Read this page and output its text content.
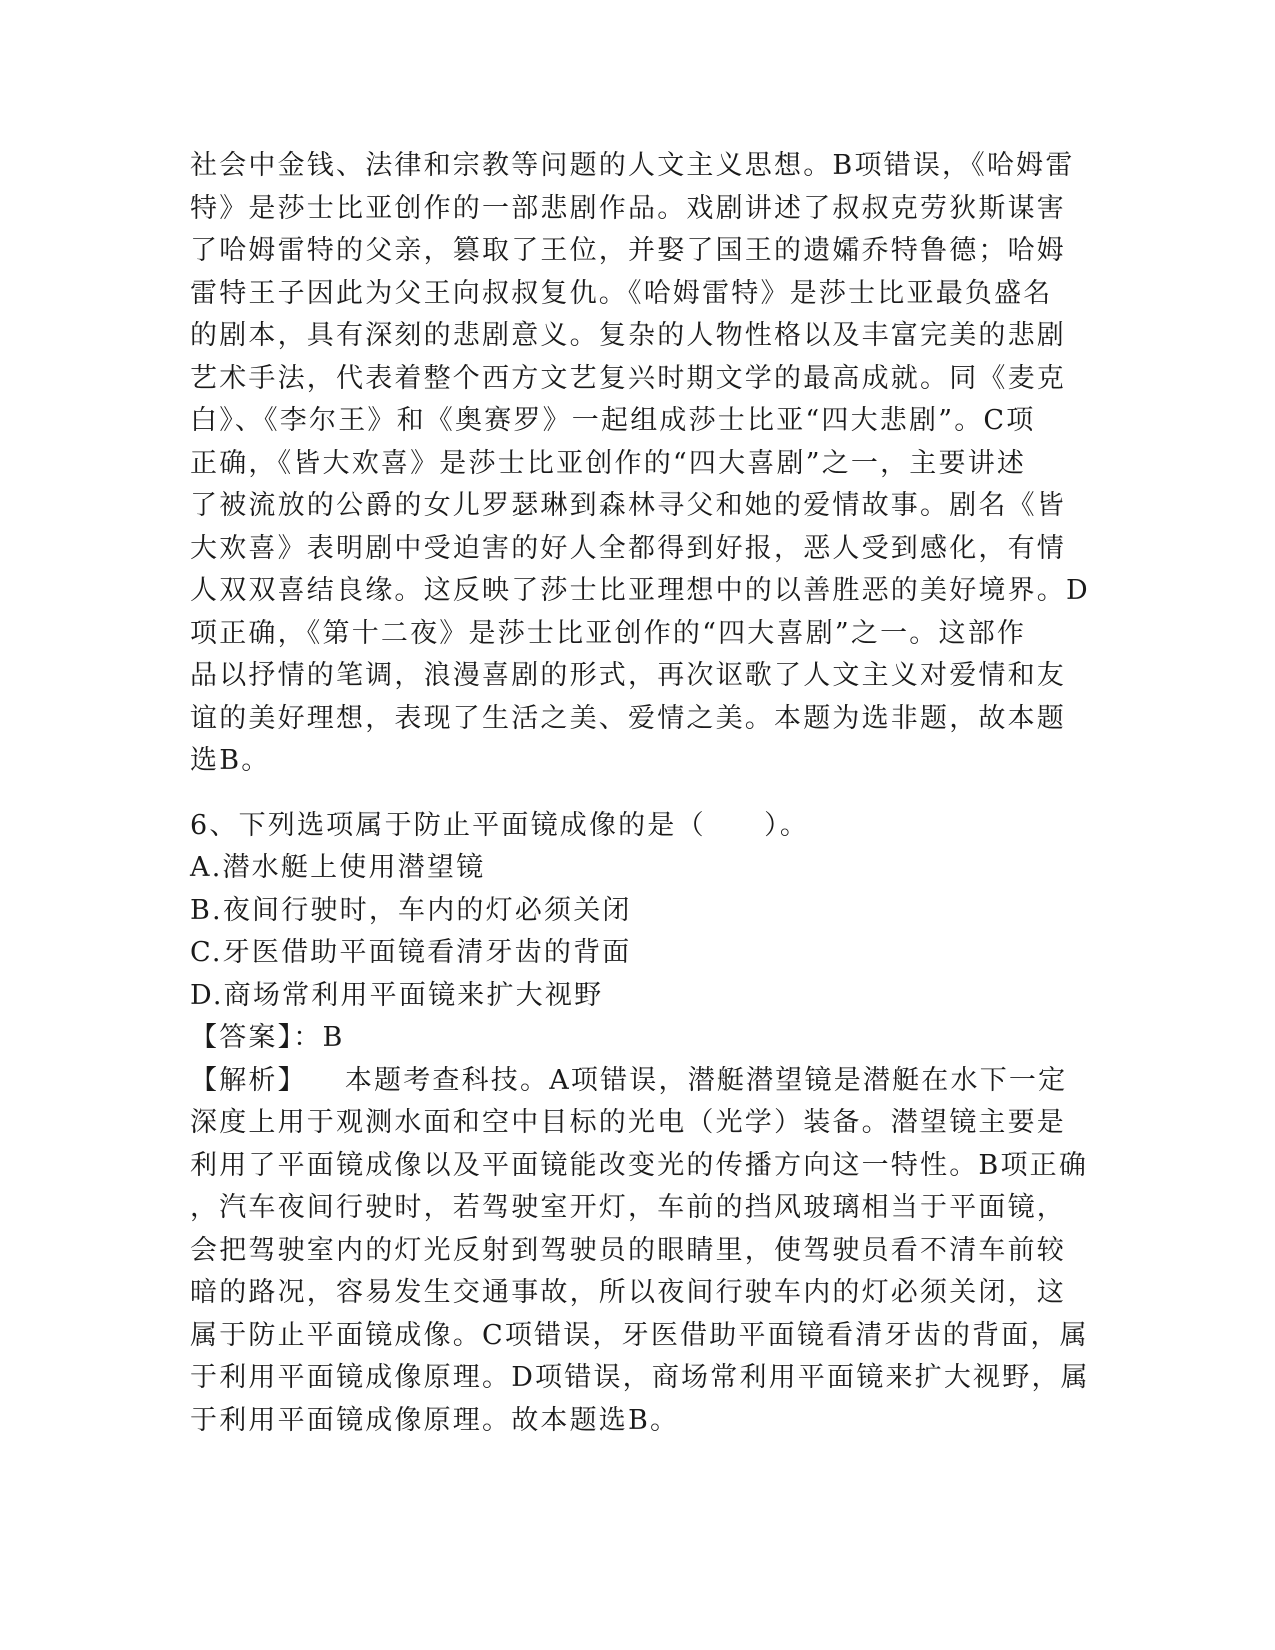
社会中金钱、法律和宗教等问题的人文主义思想。B项错误，《哈姆雷
特》是莎士比亚创作的一部悲剧作品。戏剧讲述了叔叔克劳狄斯谋害
了哈姆雷特的父亲，篡取了王位，并娶了国王的遗孀乔特鲁德；哈姆
雷特王子因此为父王向叔叔复仇。《哈姆雷特》是莎士比亚最负盛名
的剧本，具有深刻的悲剧意义。复杂的人物性格以及丰富完美的悲剧
艺术手法，代表着整个西方文艺复兴时期文学的最高成就。同《麦克
白》、《李尔王》和《奥赛罗》一起组成莎士比亚“四大悲剧”。C项
正确，《皆大欢喜》是莎士比亚创作的“四大喜剧”之一，主要讲述
了被流放的公爵的女儿罗瑟琳到森林寻父和她的爱情故事。剧名《皆
大欢喜》表明剧中受迫害的好人全都得到好报，恶人受到感化，有情
人双双喜结良缘。这反映了莎士比亚理想中的以善胜恶的美好境界。D
项正确，《第十二夜》是莎士比亚创作的“四大喜剧”之一。这部作
品以抒情的笔调，浪漫喜剧的形式，再次讴歌了人文主义对爱情和友
谊的美好理想，表现了生活之美、爱情之美。本题为选非题，故本题
选B。
6、下列选项属于防止平面镜成像的是（　　）。
A.潜水艇上使用潜望镜
B.夜间行驶时，车内的灯必须关闭
C.牙医借助平面镜看清牙齿的背面
D.商场常利用平面镜来扩大视野
【答案】：B
【解析】 本题考查科技。A项错误，潜艇潜望镜是潜艇在水下一定
深度上用于观测水面和空中目标的光电（光学）装备。潜望镜主要是
利用了平面镜成像以及平面镜能改变光的传播方向这一特性。B项正确
，汽车夜间行驶时，若驾驶室开灯，车前的挡风玻璃相当于平面镜，
会把驾驶室内的灯光反射到驾驶员的眼睛里，使驾驶员看不清车前较
暗的路况，容易发生交通事故，所以夜间行驶车内的灯必须关闭，这
属于防止平面镜成像。C项错误，牙医借助平面镜看清牙齿的背面，属
于利用平面镜成像原理。D项错误，商场常利用平面镜来扩大视野，属
于利用平面镜成像原理。故本题选B。
